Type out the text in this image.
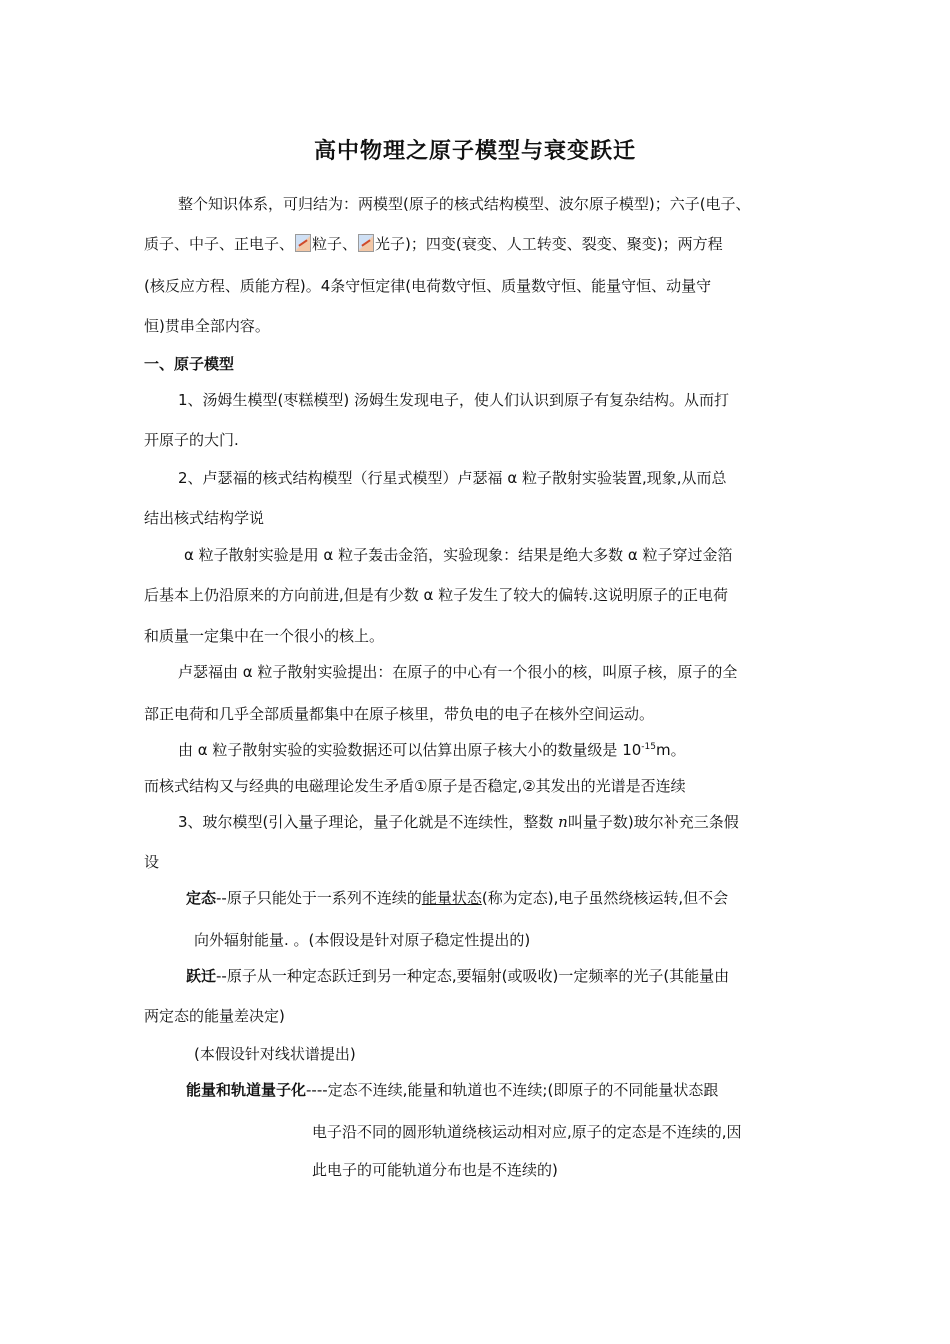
高中物理之原子模型与衰变跃迁
整个知识体系，可归结为：两模型(原子的核式结构模型、波尔原子模型)；六子(电子、
质子、中子、正电子、 粒子、 光子)；四变(衰变、人工转变、裂变、聚变)；两方程
(核反应方程、质能方程)。4条守恒定律(电荷数守恒、质量数守恒、能量守恒、动量守
恒)贯串全部内容。
一、原子模型
1、汤姆生模型(枣糕模型) 汤姆生发现电子，使人们认识到原子有复杂结构。从而打
开原子的大门.
2、卢瑟福的核式结构模型（行星式模型）卢瑟福 α 粒子散射实验装置,现象,从而总
结出核式结构学说
α 粒子散射实验是用 α 粒子轰击金箔，实验现象：结果是绝大多数 α 粒子穿过金箔
后基本上仍沿原来的方向前进,但是有少数 α 粒子发生了较大的偏转.这说明原子的正电荷
和质量一定集中在一个很小的核上。
卢瑟福由 α 粒子散射实验提出：在原子的中心有一个很小的核，叫原子核，原子的全
部正电荷和几乎全部质量都集中在原子核里，带负电的电子在核外空间运动。
由 α 粒子散射实验的实验数据还可以估算出原子核大小的数量级是 $10^{-15}m$。
而核式结构又与经典的电磁理论发生矛盾①原子是否稳定,②其发出的光谱是否连续
3、玻尔模型(引入量子理论，量子化就是不连续性，整数 n叫量子数)玻尔补充三条假
设
定态--原子只能处于一系列不连续的能量状态(称为定态),电子虽然绕核运转,但不会
向外辐射能量. 。(本假设是针对原子稳定性提出的)
跃迁--原子从一种定态跃迁到另一种定态,要辐射(或吸收)一定频率的光子(其能量由
两定态的能量差决定)
(本假设针对线状谱提出)
能量和轨道量子化----定态不连续,能量和轨道也不连续;(即原子的不同能量状态跟
电子沿不同的圆形轨道绕核运动相对应,原子的定态是不连续的,因
此电子的可能轨道分布也是不连续的)
